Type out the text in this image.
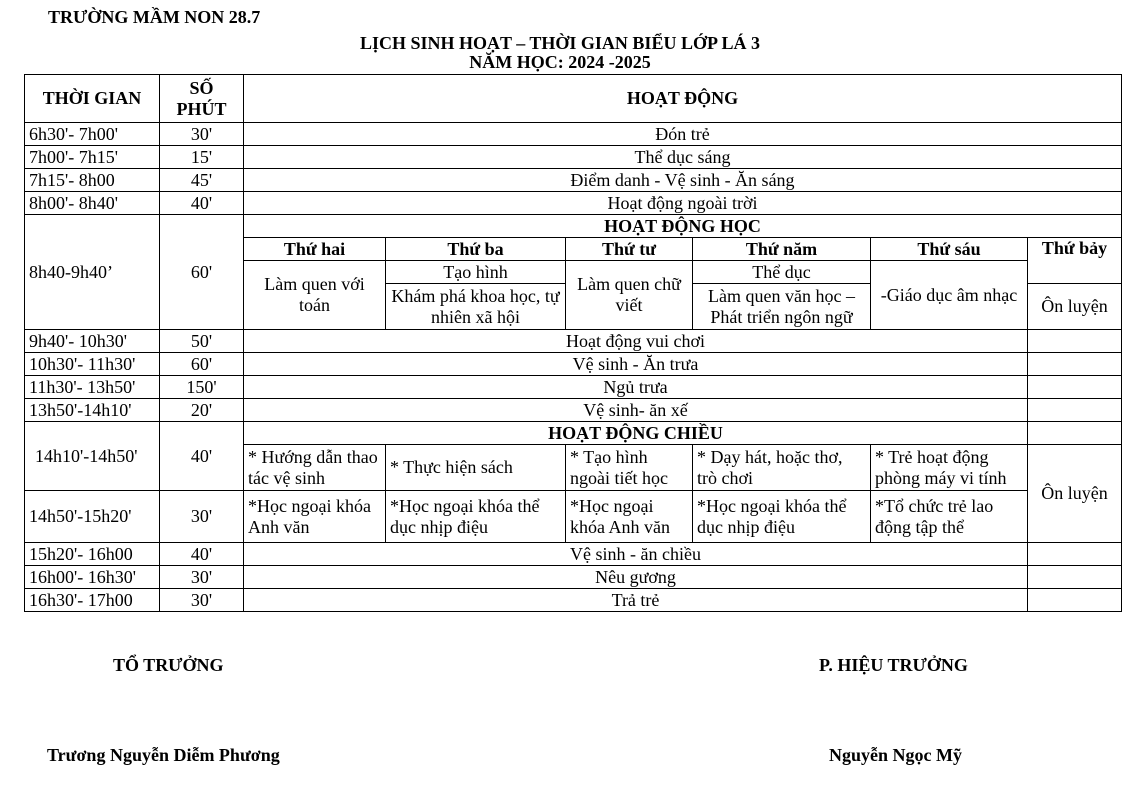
TRƯỜNG MẦM NON 28.7
LỊCH SINH HOẠT – THỜI GIAN BIỂU LỚP LÁ 3
NĂM HỌC: 2024 -2025
THỜI GIAN	SỐ PHÚT	HOẠT ĐỘNG					
6h30'- 7h00'	30'	Đón trẻ					
7h00'- 7h15'	15'	Thể dục sáng					
7h15'- 8h00	45'	Điểm danh - Vệ sinh - Ăn sáng					
8h00'- 8h40'	40'	Hoạt động ngoài trời					
8h40-9h40’	60'	HOẠT ĐỘNG HỌC					
		Thứ hai	Thứ ba	Thứ tư	Thứ năm	Thứ sáu	Thứ bảy
		Làm quen với toán	Tạo hình	Làm quen chữ viết	Thể dục	-Giáo dục âm nhạc	
			Khám phá khoa học, tự nhiên xã hội		Làm quen văn học – Phát triển ngôn ngữ		Ôn luyện

9h40'- 10h30'	50'	Hoạt động vui chơi					
10h30'- 11h30'	60'	Vệ sinh - Ăn trưa					
11h30'- 13h50'	150'	Ngủ trưa					
13h50'-14h10'	20'	Vệ sinh- ăn xế					
14h10'-14h50'	40'	HOẠT ĐỘNG CHIỀU					
		* Hướng dẫn thao tác vệ sinh	* Thực hiện sách	* Tạo hình ngoài tiết học	* Dạy hát, hoặc thơ, trò chơi	* Trẻ hoạt động phòng máy vi tính	Ôn luyện
14h50'-15h20'	30'	*Học ngoại khóa Anh văn	*Học ngoại khóa thể dục nhịp điệu	*Học ngoại khóa Anh văn	*Học ngoại khóa thể dục nhịp điệu	*Tổ chức trẻ lao động tập thể	
15h20'- 16h00	40'	Vệ sinh - ăn chiều					
16h00'- 16h30'	30'	Nêu gương					
16h30'- 17h00	30'	Trả trẻ					
TỔ TRƯỞNG	P. HIỆU TRƯỞNG
Trương Nguyễn Diễm Phương	Nguyễn Ngọc Mỹ
